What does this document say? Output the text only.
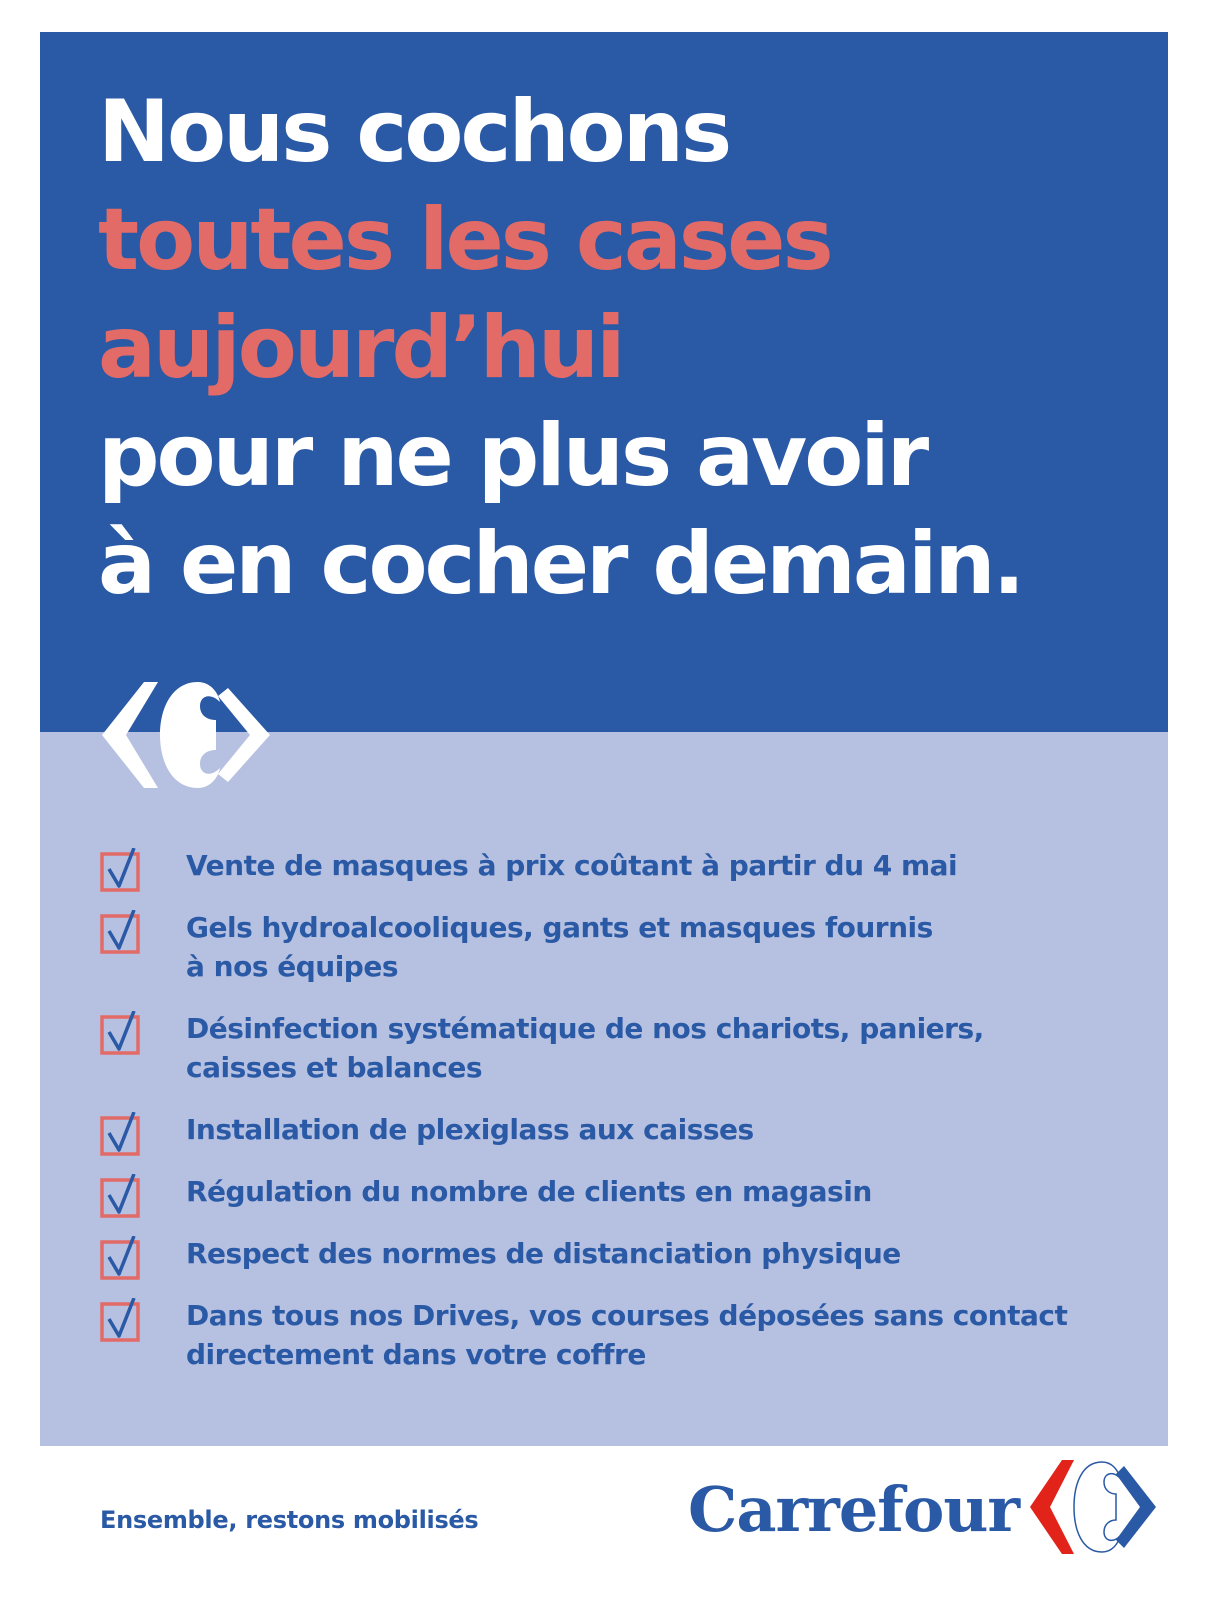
Nous cochons
toutes les cases
aujourd’hui
pour ne plus avoir
à en cocher demain.
Vente de masques à prix coûtant à partir du 4 mai
Gels hydroalcooliques, gants et masques fournis
à nos équipes
Désinfection systématique de nos chariots, paniers,
caisses et balances
Installation de plexiglass aux caisses
Régulation du nombre de clients en magasin
Respect des normes de distanciation physique
Dans tous nos Drives, vos courses déposées sans contact
directement dans votre coffre
Ensemble, restons mobilisés	Carrefour
